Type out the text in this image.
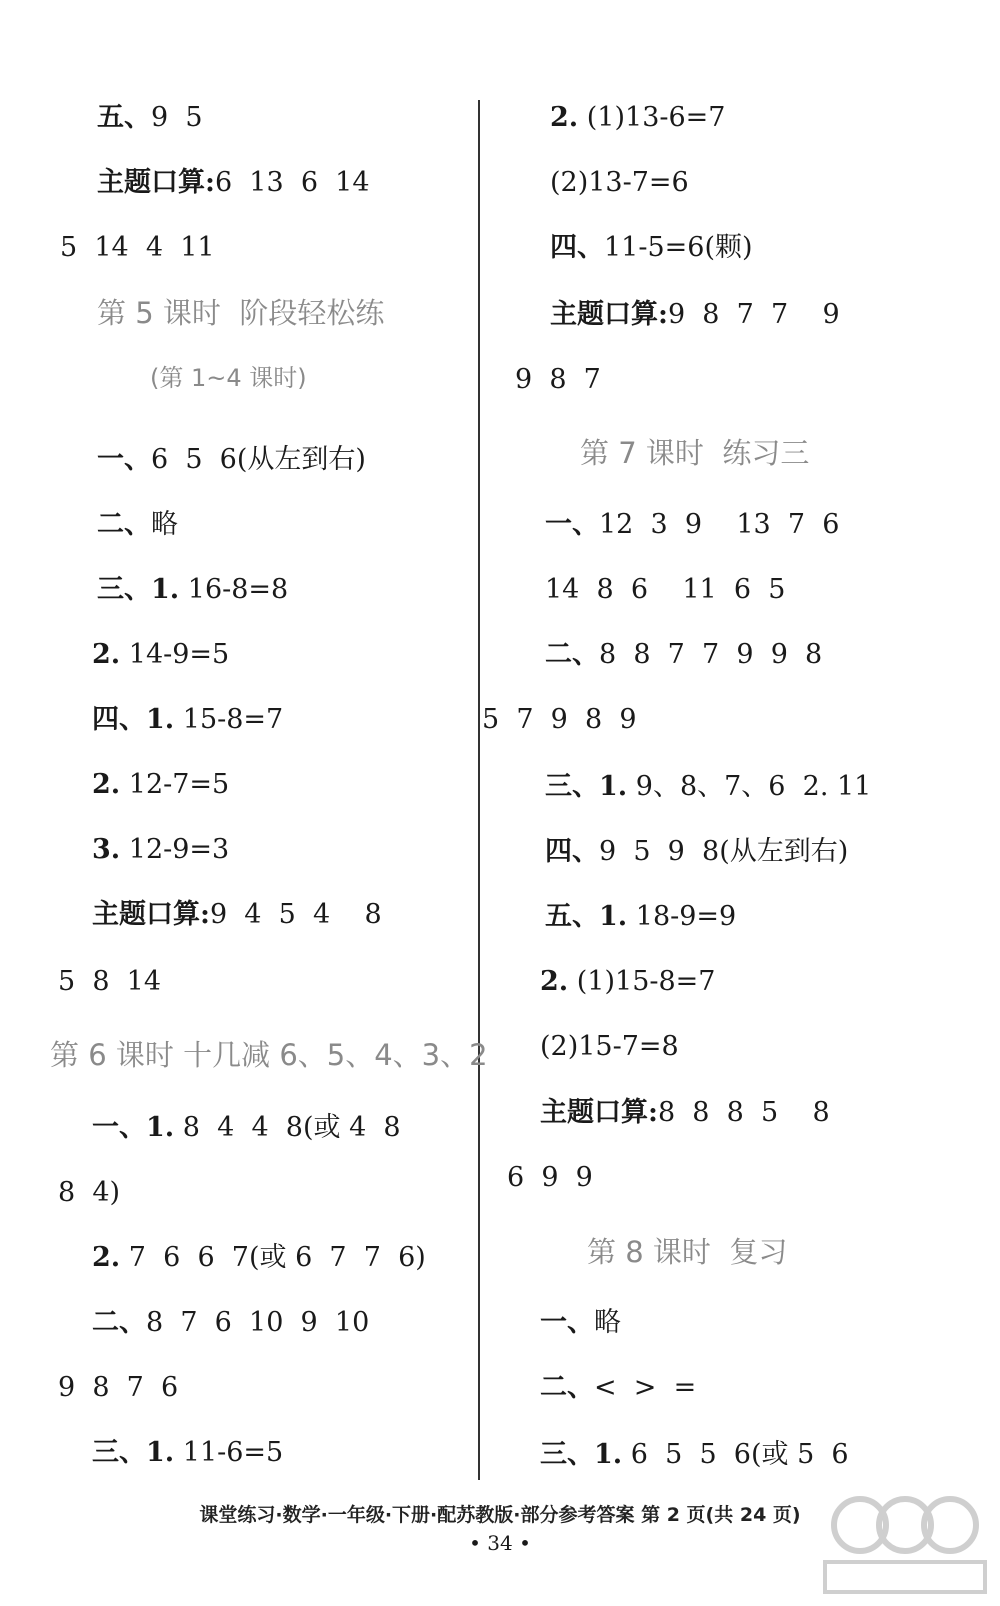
五、9  5
主题口算:6  13  6  14
5  14  4  11
第 5 课时  阶段轻松练
(第 1~4 课时)
一、6  5  6(从左到右)
二、略
三、1. 16-8=8
2. 14-9=5
四、1. 15-8=7
2. 12-7=5
3. 12-9=3
主题口算:9  4  5  4    8
5  8  14
第 6 课时 十几减 6、5、4、3、2
一、1. 8  4  4  8(或 4  8
8  4)
2. 7  6  6  7(或 6  7  7  6)
二、8  7  6  10  9  10
9  8  7  6
三、1. 11-6=5
2. (1)13-6=7
(2)13-7=6
四、11-5=6(颗)
主题口算:9  8  7  7    9
9  8  7
第 7 课时  练习三
一、12  3  9    13  7  6
14  8  6    11  6  5
二、8  8  7  7  9  9  8
5  7  9  8  9
三、1. 9、8、7、6  2. 11
四、9  5  9  8(从左到右)
五、1. 18-9=9
2. (1)15-8=7
(2)15-7=8
主题口算:8  8  8  5    8
6  9  9
第 8 课时  复习
一、略
二、<  >  =
三、1. 6  5  5  6(或 5  6
课堂练习·数学·一年级·下册·配苏教版·部分参考答案 第 2 页(共 24 页)
• 34 •
